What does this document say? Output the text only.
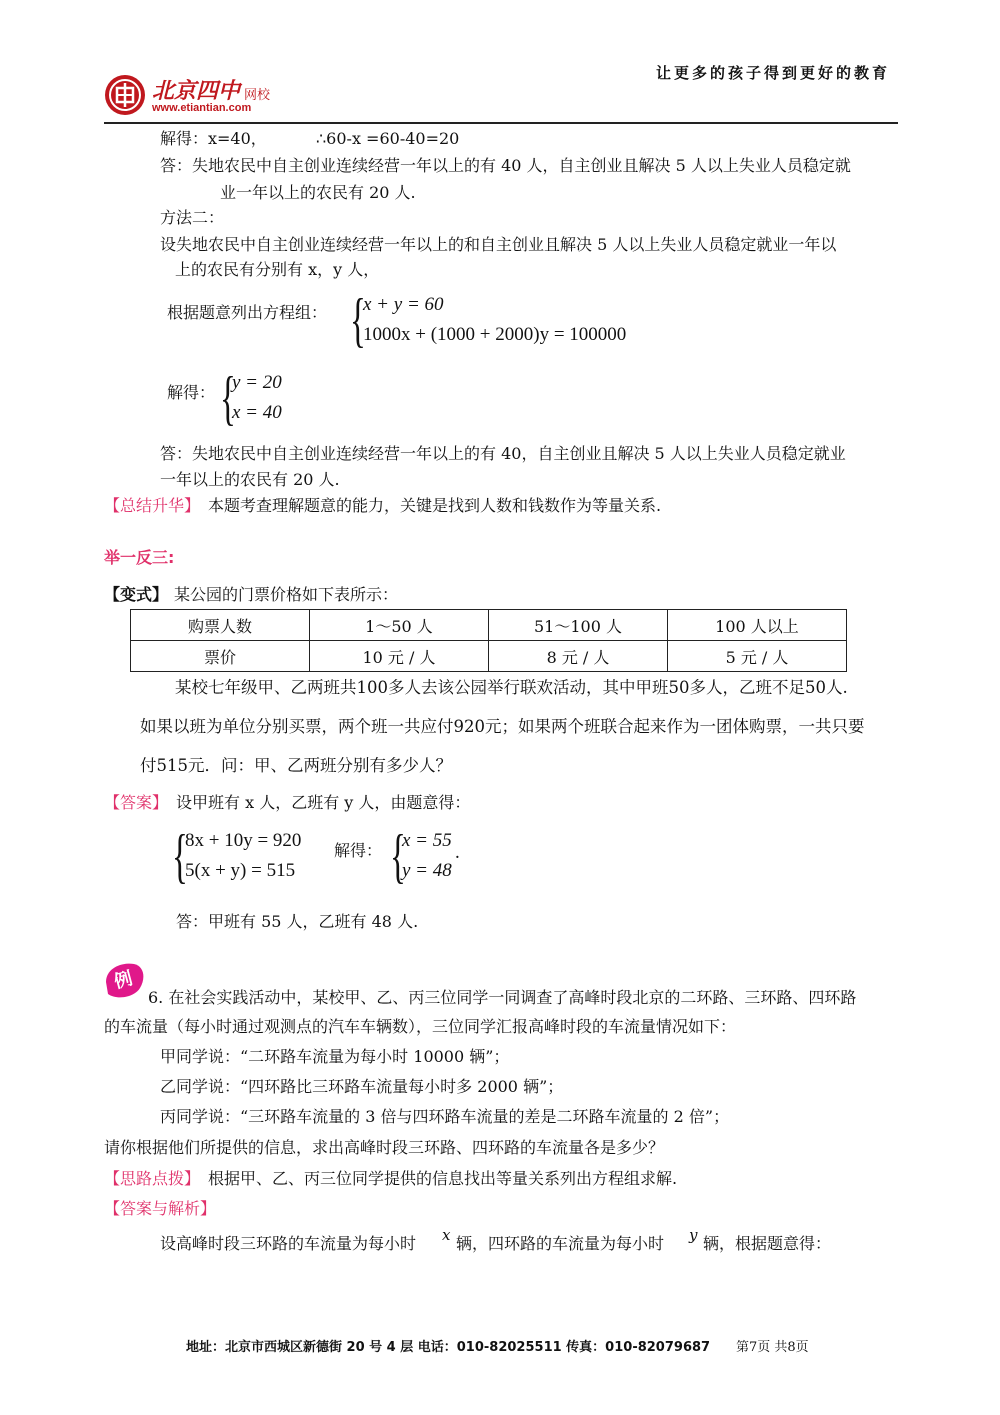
北京四中 网校
www.etiantian.com
让更多的孩子得到更好的教育
解得：x=40，	∴60-x =60-40=20
答：失地农民中自主创业连续经营一年以上的有 40 人，自主创业且解决 5 人以上失业人员稳定就
业一年以上的农民有 20 人.
方法二：
设失地农民中自主创业连续经营一年以上的和自主创业且解决 5 人以上失业人员稳定就业一年以
上的农民有分别有 x，y 人，
根据题意列出方程组： {
x + y = 60
1000x + (1000 + 2000)y = 100000
解得： {
y = 20
x = 40
答：失地农民中自主创业连续经营一年以上的有 40，自主创业且解决 5 人以上失业人员稳定就业
一年以上的农民有 20 人.
【总结升华】 本题考查理解题意的能力，关键是找到人数和钱数作为等量关系.
举一反三:
【变式】 某公园的门票价格如下表所示：
购票人数	1～50 人	51～100 人	100 人以上
票价	10 元 / 人	8 元 / 人	5 元 / 人
某校七年级甲、乙两班共100多人去该公园举行联欢活动，其中甲班50多人，乙班不足50人.
如果以班为单位分别买票，两个班一共应付920元；如果两个班联合起来作为一团体购票，一共只要
付515元．问：甲、乙两班分别有多少人？
【答案】 设甲班有 x 人，乙班有 y 人，由题意得：
{
8x + 10y = 920
5(x + y) = 515
解得： {
x = 55
y = 48
.
答：甲班有 55 人，乙班有 48 人.
例
6. 在社会实践活动中，某校甲、乙、丙三位同学一同调查了高峰时段北京的二环路、三环路、四环路
的车流量（每小时通过观测点的汽车车辆数），三位同学汇报高峰时段的车流量情况如下：
甲同学说：“二环路车流量为每小时 10000 辆”；
乙同学说：“四环路比三环路车流量每小时多 2000 辆”；
丙同学说：“三环路车流量的 3 倍与四环路车流量的差是二环路车流量的 2 倍”；
请你根据他们所提供的信息，求出高峰时段三环路、四环路的车流量各是多少？
【思路点拨】 根据甲、乙、丙三位同学提供的信息找出等量关系列出方程组求解.
【答案与解析】
设高峰时段三环路的车流量为每小时 x 辆，四环路的车流量为每小时 y 辆，根据题意得：
地址：北京市西城区新德街 20 号 4 层 电话：010-82025511 传真：010-82079687 第7页 共8页
